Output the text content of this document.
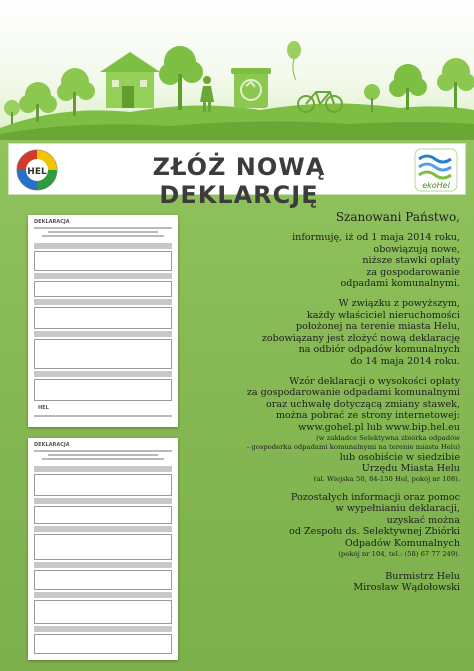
HEL	ZŁÓŻ NOWĄ DEKLARCJĘ	ekoHel
DEKLARACJA
HEL
DEKLARACJA

Szanowani Państwo,

informuję, iż od 1 maja 2014 roku,
obowiązują nowe,
niższe stawki opłaty
za gospodarowanie
odpadami komunalnymi.

W związku z powyższym,
każdy właściciel nieruchomości
położonej na terenie miasta Helu,
zobowiązany jest złożyć nową deklarację
na odbiór odpadów komunalnych
do 14 maja 2014 roku.

Wzór deklaracji o wysokości opłaty
za gospodarowanie odpadami komunalnymi
oraz uchwałę dotyczącą zmiany stawek,
można pobrać ze strony internetowej:
www.gohel.pl lub www.bip.hel.eu
(w zakładce Selektywna zbiórka odpadów
- gospoderka odpadami komunalnymi na terenie miasta Helu)
lub osobiście w siedzibie
Urzędu Miasta Helu
(ul. Wiejska 50, 84-150 Hel, pokój nr 108).

Pozostałych informacji oraz pomoc
w wypełnianiu deklaracji,
uzyskać można
od Zespołu ds. Selektywnej Zbiórki
Odpadów Komunalnych
(pokój nr 104, tel.: (58) 67 77 249).

Burmistrz Helu
Mirosław Wądołowski
